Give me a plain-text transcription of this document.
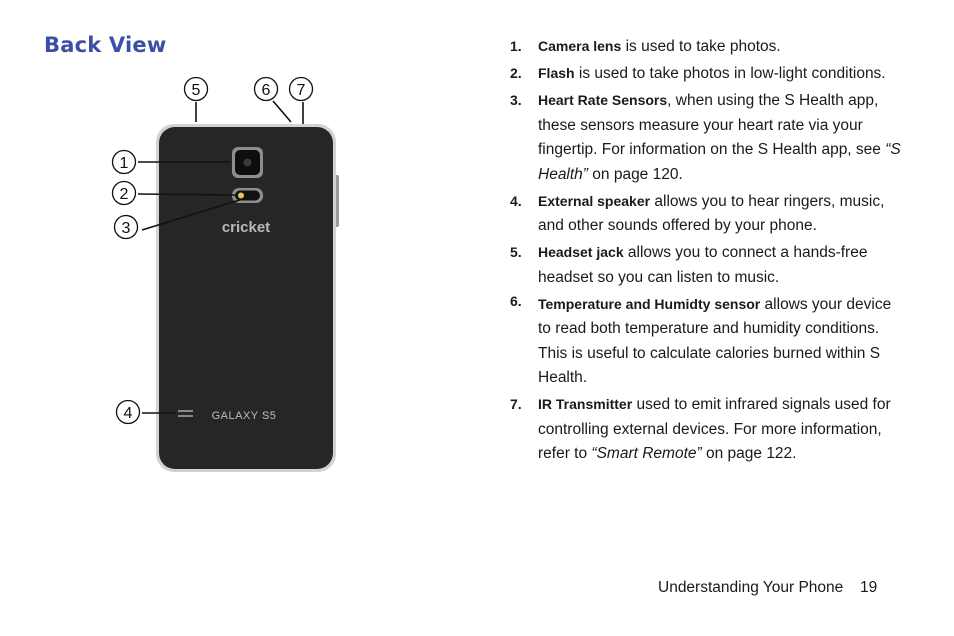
Back View
cricket
GALAXY S5
1
2
3
4
5	6 7
1. Camera lens is used to take photos.
2. Flash is used to take photos in low-light conditions.
3. Heart Rate Sensors, when using the S Health app, these sensors measure your heart rate via your fingertip. For information on the S Health app, see “S Health” on page 120.
4. External speaker allows you to hear ringers, music, and other sounds offered by your phone.
5. Headset jack allows you to connect a hands-free headset so you can listen to music.
6. Temperature and Humidty sensor allows your device to read both temperature and humidity conditions. This is useful to calculate calories burned within S Health.
7. IR Transmitter used to emit infrared signals used for controlling external devices. For more information, refer to “Smart Remote” on page 122.
Understanding Your Phone 19
